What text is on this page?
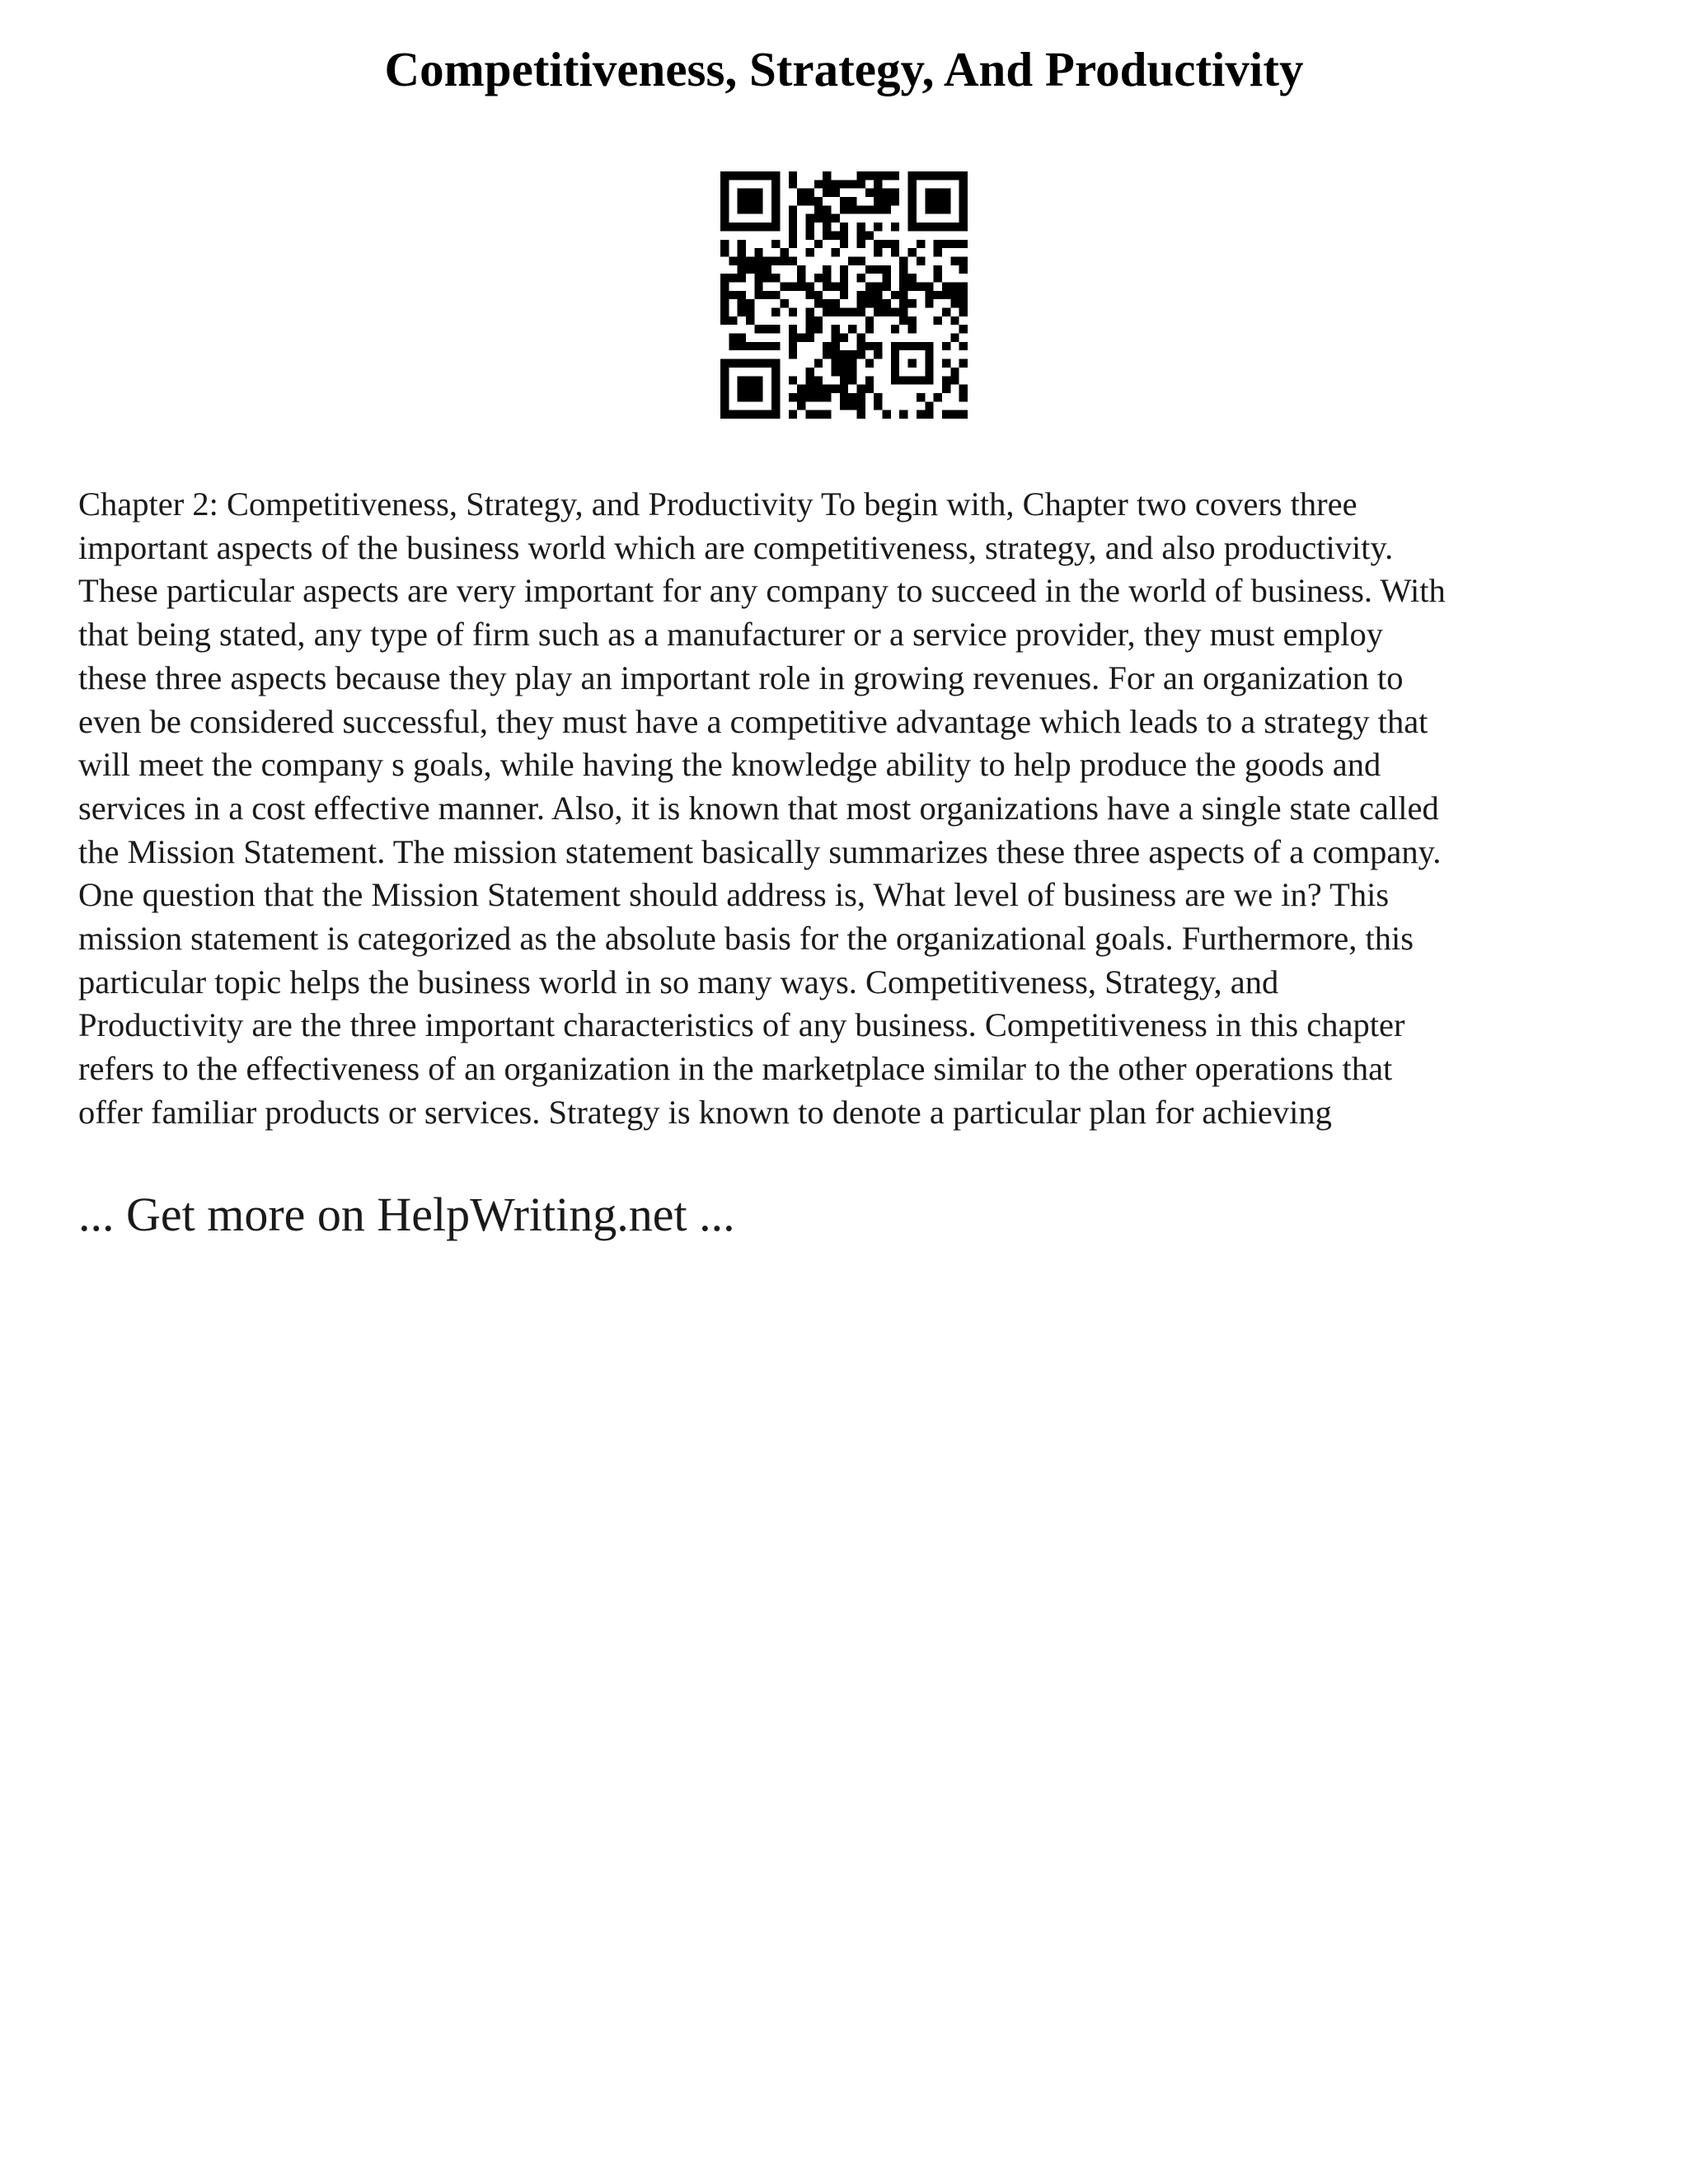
Competitiveness, Strategy, And Productivity

Chapter 2: Competitiveness, Strategy, and Productivity To begin with, Chapter two covers three
important aspects of the business world which are competitiveness, strategy, and also productivity.
These particular aspects are very important for any company to succeed in the world of business. With
that being stated, any type of firm such as a manufacturer or a service provider, they must employ
these three aspects because they play an important role in growing revenues. For an organization to
even be considered successful, they must have a competitive advantage which leads to a strategy that
will meet the company s goals, while having the knowledge ability to help produce the goods and
services in a cost effective manner. Also, it is known that most organizations have a single state called
the Mission Statement. The mission statement basically summarizes these three aspects of a company.
One question that the Mission Statement should address is, What level of business are we in? This
mission statement is categorized as the absolute basis for the organizational goals. Furthermore, this
particular topic helps the business world in so many ways. Competitiveness, Strategy, and
Productivity are the three important characteristics of any business. Competitiveness in this chapter
refers to the effectiveness of an organization in the marketplace similar to the other operations that
offer familiar products or services. Strategy is known to denote a particular plan for achieving

... Get more on HelpWriting.net ...
